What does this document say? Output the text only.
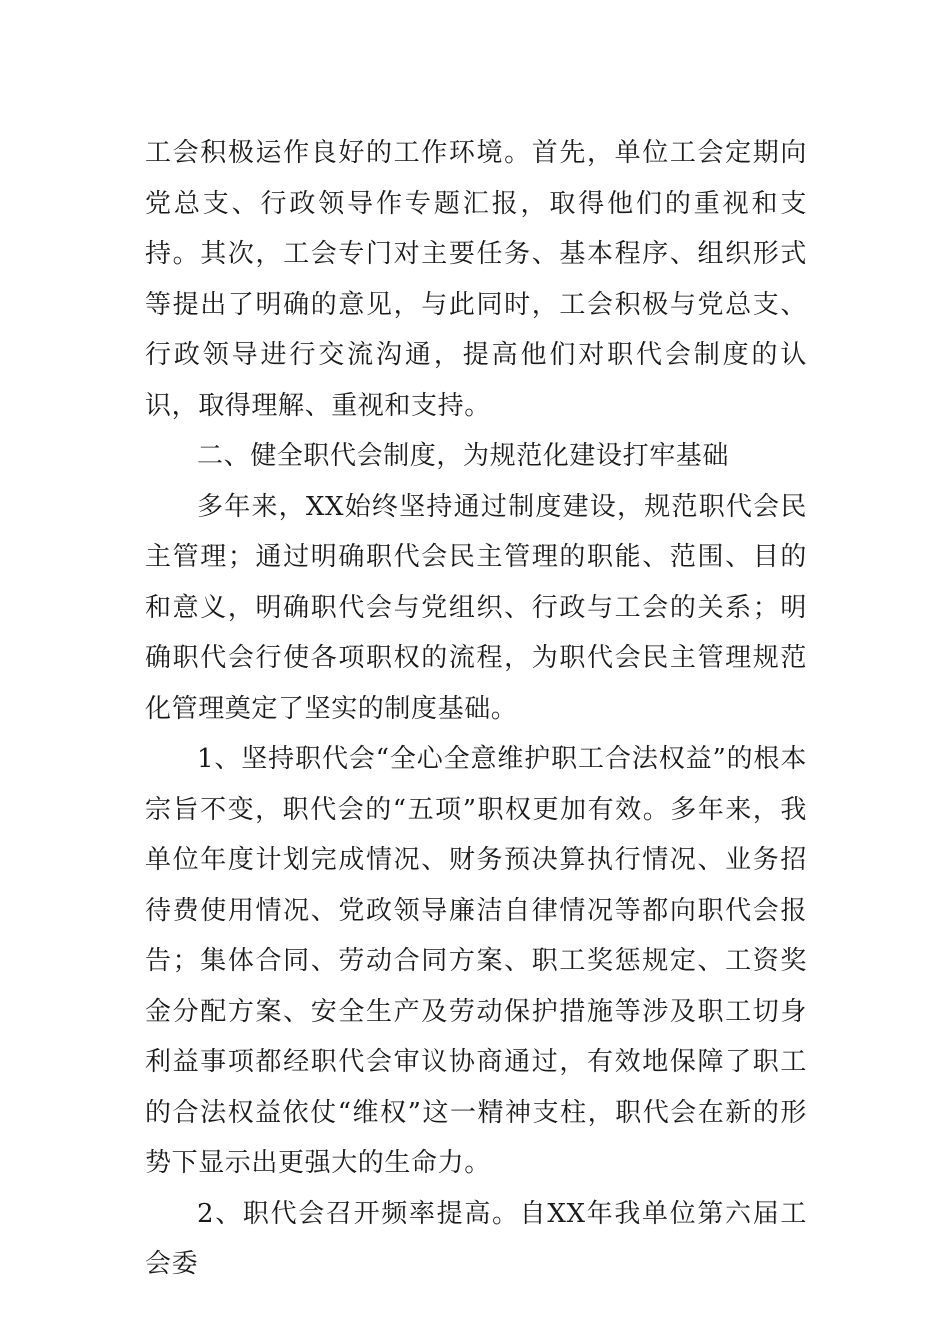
工会积极运作良好的工作环境。首先，单位工会定期向党总支、行政领导作专题汇报，取得他们的重视和支持。其次，工会专门对主要任务、基本程序、组织形式等提出了明确的意见，与此同时，工会积极与党总支、行政领导进行交流沟通，提高他们对职代会制度的认识，取得理解、重视和支持。

二、健全职代会制度，为规范化建设打牢基础

多年来，XX始终坚持通过制度建设，规范职代会民主管理；通过明确职代会民主管理的职能、范围、目的和意义，明确职代会与党组织、行政与工会的关系；明确职代会行使各项职权的流程，为职代会民主管理规范化管理奠定了坚实的制度基础。

1、坚持职代会“全心全意维护职工合法权益”的根本宗旨不变，职代会的“五项”职权更加有效。多年来，我单位年度计划完成情况、财务预决算执行情况、业务招待费使用情况、党政领导廉洁自律情况等都向职代会报告；集体合同、劳动合同方案、职工奖惩规定、工资奖金分配方案、安全生产及劳动保护措施等涉及职工切身利益事项都经职代会审议协商通过，有效地保障了职工的合法权益依仗“维权”这一精神支柱，职代会在新的形势下显示出更强大的生命力。

2、职代会召开频率提高。自XX年我单位第六届工会委
